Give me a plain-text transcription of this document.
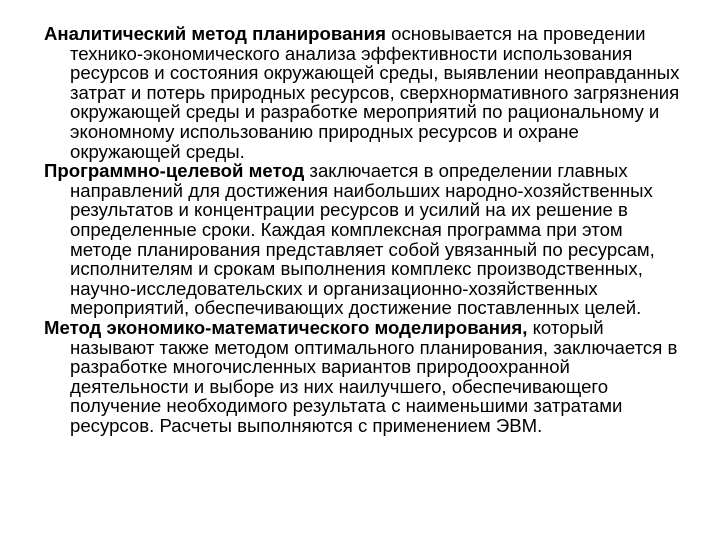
Аналитический метод планирования основывается на проведении технико-экономического анализа эффективности использования ресурсов и состояния окружающей среды, выявлении неоправданных затрат и потерь природных ресурсов, сверхнормативного загрязнения окружающей среды и разработке мероприятий по рациональному и экономному использованию природных ресурсов и охране окружающей среды.

Программно-целевой метод заключается в определении главных направлений для достижения наибольших народно-хозяйственных результатов и концентрации ресурсов и усилий на их решение в определенные сроки. Каждая комплексная программа при этом методе планирования представляет собой увязанный по ресурсам, исполнителям и срокам выполнения комплекс производственных, научно-исследовательских и организационно-хозяйственных мероприятий, обеспечивающих достижение поставленных целей.

Метод экономико-математического моделирования, который называют также методом оптимального планирования, заключается в разработке многочисленных вариантов природоохранной деятельности и выборе из них наилучшего, обеспечивающего получение необходимого результата с наименьшими затратами ресурсов. Расчеты выполняются с применением ЭВМ.
